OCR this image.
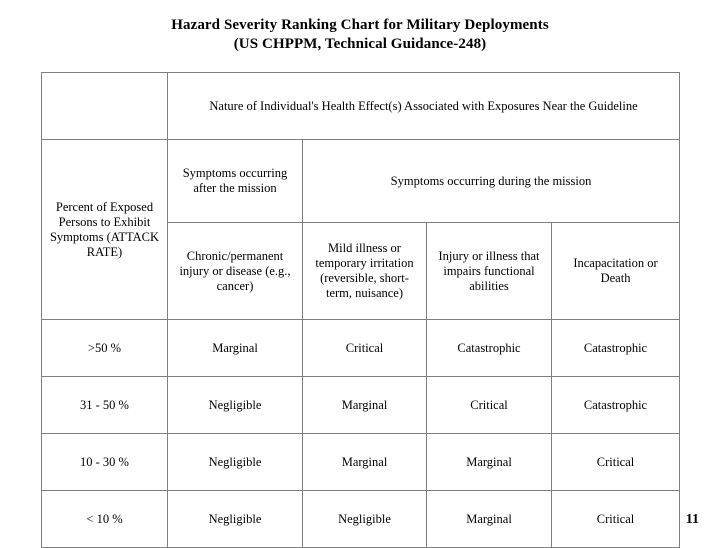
Hazard Severity Ranking Chart for Military Deployments
(US CHPPM, Technical Guidance-248)
	Nature of Individual's Health Effect(s) Associated with Exposures Near the Guideline			
Percent of Exposed Persons to Exhibit Symptoms (ATTACK RATE)	Symptoms occurring after the mission	Symptoms occurring during the mission		
	Chronic/permanent injury or disease (e.g., cancer)	Mild illness or temporary irritation (reversible, short-term, nuisance)	Injury or illness that impairs functional abilities	Incapacitation or Death
>50 %	Marginal	Critical	Catastrophic	Catastrophic
31 - 50 %	Negligible	Marginal	Critical	Catastrophic
10 - 30 %	Negligible	Marginal	Marginal	Critical
< 10 %	Negligible	Negligible	Marginal	Critical	11
